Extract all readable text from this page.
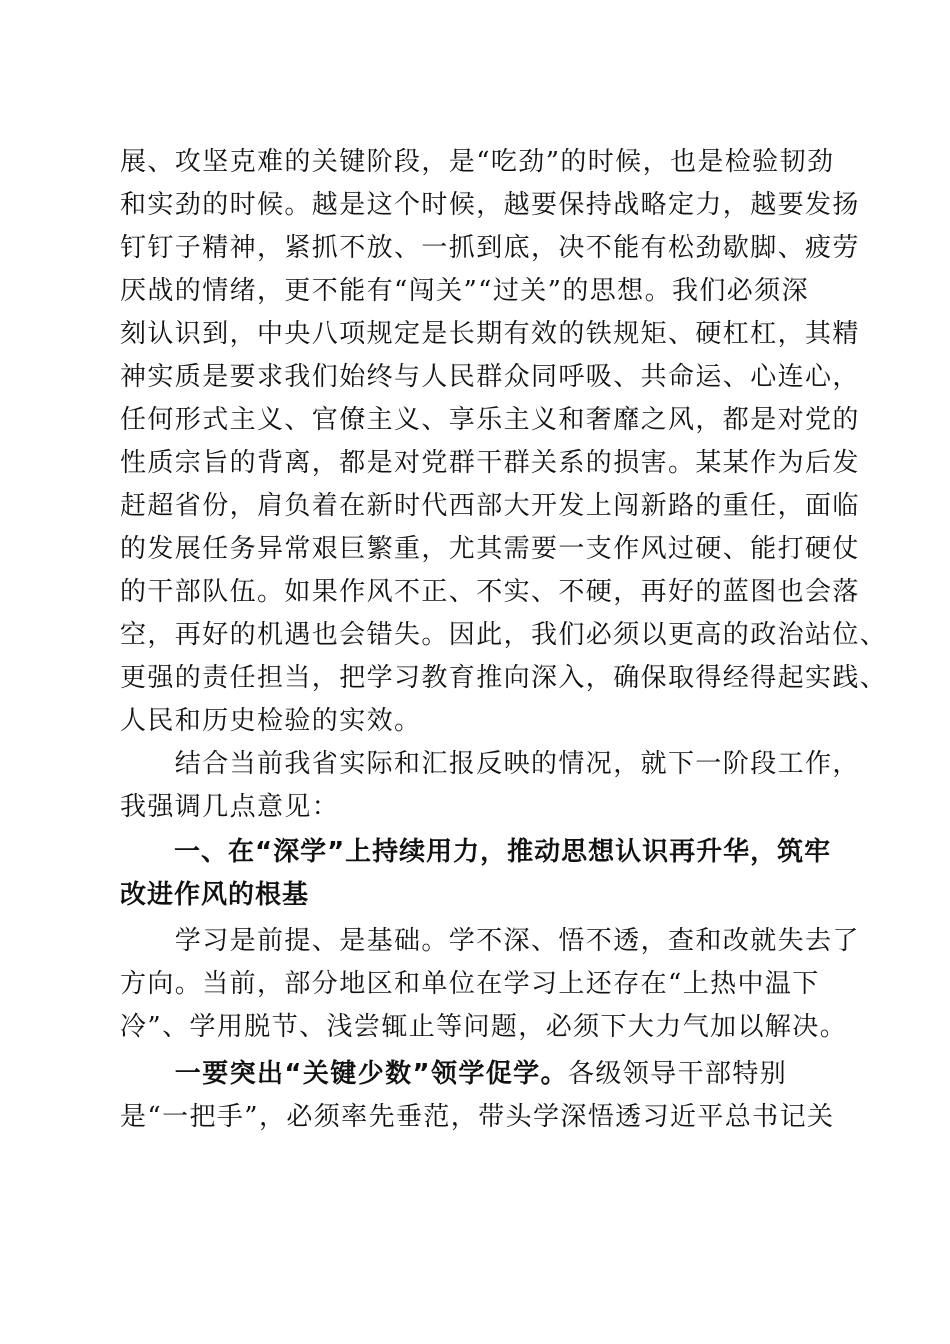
展、攻坚克难的关键阶段，是“吃劲”的时候，也是检验韧劲
和实劲的时候。越是这个时候，越要保持战略定力，越要发扬
钉钉子精神，紧抓不放、一抓到底，决不能有松劲歇脚、疲劳
厌战的情绪，更不能有“闯关”“过关”的思想。我们必须深
刻认识到，中央八项规定是长期有效的铁规矩、硬杠杠，其精
神实质是要求我们始终与人民群众同呼吸、共命运、心连心，
任何形式主义、官僚主义、享乐主义和奢靡之风，都是对党的
性质宗旨的背离，都是对党群干群关系的损害。某某作为后发
赶超省份，肩负着在新时代西部大开发上闯新路的重任，面临
的发展任务异常艰巨繁重，尤其需要一支作风过硬、能打硬仗
的干部队伍。如果作风不正、不实、不硬，再好的蓝图也会落
空，再好的机遇也会错失。因此，我们必须以更高的政治站位、
更强的责任担当，把学习教育推向深入，确保取得经得起实践、
人民和历史检验的实效。
　　结合当前我省实际和汇报反映的情况，就下一阶段工作，
我强调几点意见：
　　一、在“深学”上持续用力，推动思想认识再升华，筑牢
改进作风的根基
　　学习是前提、是基础。学不深、悟不透，查和改就失去了
方向。当前，部分地区和单位在学习上还存在“上热中温下
冷”、学用脱节、浅尝辄止等问题，必须下大力气加以解决。
　　一要突出“关键少数”领学促学。各级领导干部特别
是“一把手”，必须率先垂范，带头学深悟透习近平总书记关
